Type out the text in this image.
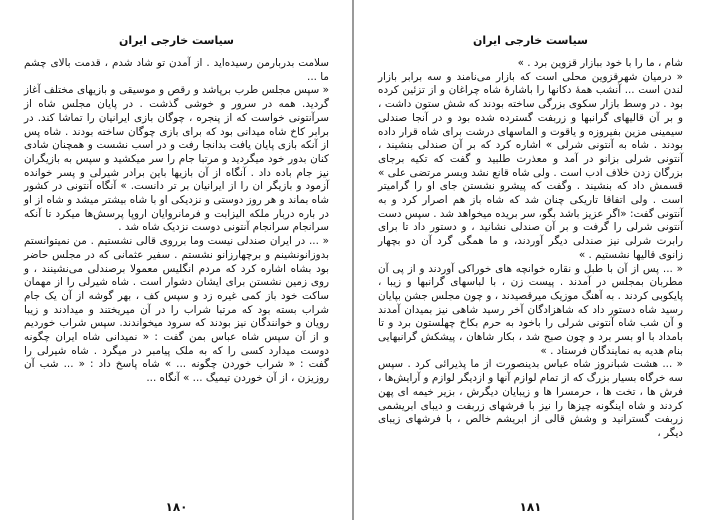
سیاست خارجی ایران

سلامت بدربارمن رسیده‌اید . از آمدن تو شاد شدم ، قدمت بالای چشم ما ...

« سپس مجلس طرب برپاشد و رقص و موسیقی و بازیهای مختلف آغاز گردید. همه در سرور و خوشی گذشت . در پایان مجلس شاه از سرآنتونی خواست که از پنجره ، چوگان بازی ایرانیان را تماشا کند. در برابر کاخ شاه میدانی بود که برای بازی چوگان ساخته بودند . شاه پس از آنکه بازی پایان یافت بدانجا رفت و در اسب نشست و همچنان شادی کنان بدور خود میگردید و مرتبا جام را سر میکشید و سپس به بازیگران نیز جام باده داد . آنگاه از آن بازیها باین برادر شیرلی و پسر خوانده آزمود و بازیگر ان را از ایرانیان بر تر دانست. » آنگاه آنتونی در کشور شاه بماند و هر روز دوستی و نزدیکی او با شاه بیشتر میشد و شاه از او در باره دربار ملکه الیزابت و فرمانروایان اروپا پرسش‌ها میکرد تا آنکه سرانجام سرانجام آنتونی دوست نزدیک شاه شد .

« ... در ایران صندلی نیست وما برروی قالی نشستیم . من نمیتوانستم بدوزانونشینم و برچهارزانو نشستم . سفیر عثمانی که در مجلس حاضر بود بشاه اشاره کرد که مردم انگلیس معمولا برصندلی می‌نشینند ، و روی زمین نشستن برای ایشان دشوار است . شاه شیرلی را از مهمان ساکت خود باز کمی غیره زد و سپس کف ، بهر گوشه از آن یک جام شراب بسته بود که مرتبا شراب را در آن میریختند و میدادند و زیبا رویان و خوانندگان نیز بودند که سرود میخواندند. سپس شراب خوردیم و از آن سپس شاه عباس بمن گفت : « نمیدانی شاه ایران چگونه دوست میدارد کسی را که به ملک پیامبر در میگرد . شاه شیرلی را گفت : « شراب خوردن چگونه ... » شاه پاسخ داد : « ... شب آن روزیزن ، از آن خوردن تیمیگ ... » آنگاه ...

۱۸۰
سیاست خارجی ایران

شام ، ما را با خود ببازار قزوین برد . »

« درمیان شهرقزوین محلی است که بازار می‌نامند و سه برابر بازار لندن است ... آنشب همهٔ دکانها را باشارهٔ شاه چراغان و از تزئین کرده بود . در وسط بازار سکوی بزرگی ساخته بودند که شش ستون داشت ، و بر آن قالیهای گرانبها و زربفت گسترده شده بود و در آنجا صندلی سیمینی مزین بفیروزه و یاقوت و الماسهای درشت برای شاه قرار داده بودند . شاه به آنتونی شرلی » اشاره کرد که بر آن صندلی بنشیند ، آنتونی شرلی بزانو در آمد و معذرت طلبید و گفت که تکیه برجای بزرگان زدن خلاف ادب است . ولی شاه قانع نشد وبسر مرتضی علی » قسمش داد که بنشیند . وگفت که پیشرو نشستن جای او را گرامیتر است . ولی اتفاقا تاریکی چنان شد که شاه باز هم اصرار کرد و به آنتونی گفت: «اگر عزیز باشد بگو، سر بریده میخواهد شد . سپس دست آنتونی شرلی را گرفت و بر آن صندلی نشانید ، و دستور داد تا برای رابرت شرلی نیز صندلی دیگر آوردند، و ما همگی گرد آن دو بچهار زانوی قالیها نشستیم . »

« ... پس از آن با طبل و نقاره خوانچه های خوراکی آوردند و از پی آن مطربان بمجلس در آمدند . پیست زن ، با لباسهای گرانبها و زیبا ، پایکوبی کردند . به آهنگ موزیک میرقصیدند ، و چون مجلس جشن بپایان رسید شاه دستور داد که شاهزادگان آخر رسید شاهی نیز بمیدان آمدند و آن شب شاه آنتونی شرلی را باخود به حرم بکاخ چهلستون برد و تا بامداد با او بسر برد و چون صبح شد ، بکار شاهان ، پیشکش گرانبهایی بنام هدیه به نمایندگان فرستاد . »

« ... هشت شبانروز شاه عباس بدینصورت از ما پذیرائی کرد . سپس سه خرگاه بسیار بزرگ که از تمام لوازم آنها و ازدیگر لوازم و آرایش‌ها ، فرش ها ، تخت ها ، حرمسرا ها و زیبایان دیگرش ، بزیر خیمه ای پهن کردند و شاه اینگونه چیزها را نیز با فرشهای زربفت و دیبای ابریشمی زربفت گسترانید و وشش قالی از ابریشم خالص ، با فرشهای زیبای دیگر ،

۱۸۱
